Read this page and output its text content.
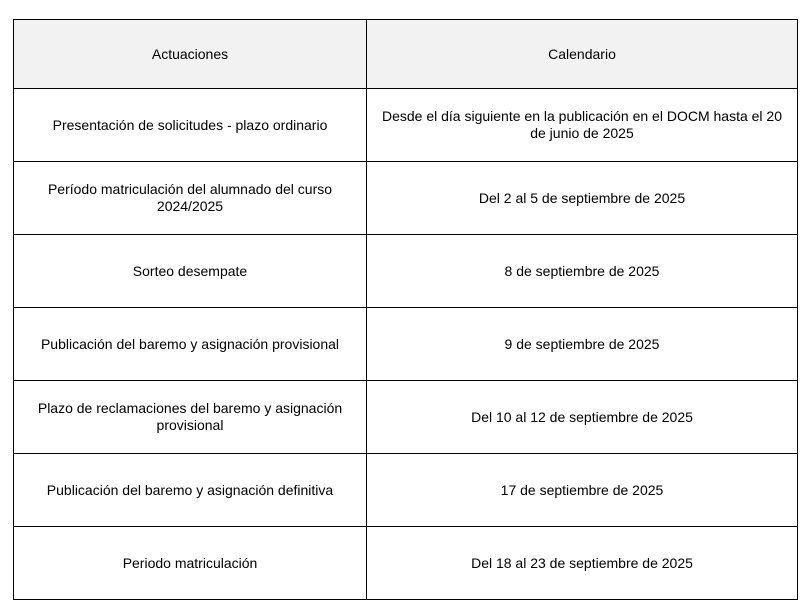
Actuaciones	Calendario
Presentación de solicitudes - plazo ordinario	Desde el día siguiente en la publicación en el DOCM hasta el 20 de junio de 2025
Período matriculación del alumnado del curso 2024/2025	Del 2 al 5 de septiembre de 2025
Sorteo desempate	8 de septiembre de 2025
Publicación del baremo y asignación provisional	9 de septiembre de 2025
Plazo de reclamaciones del baremo y asignación provisional	Del 10 al 12 de septiembre de 2025
Publicación del baremo y asignación definitiva	17 de septiembre de 2025
Periodo matriculación	Del 18 al 23 de septiembre de 2025
